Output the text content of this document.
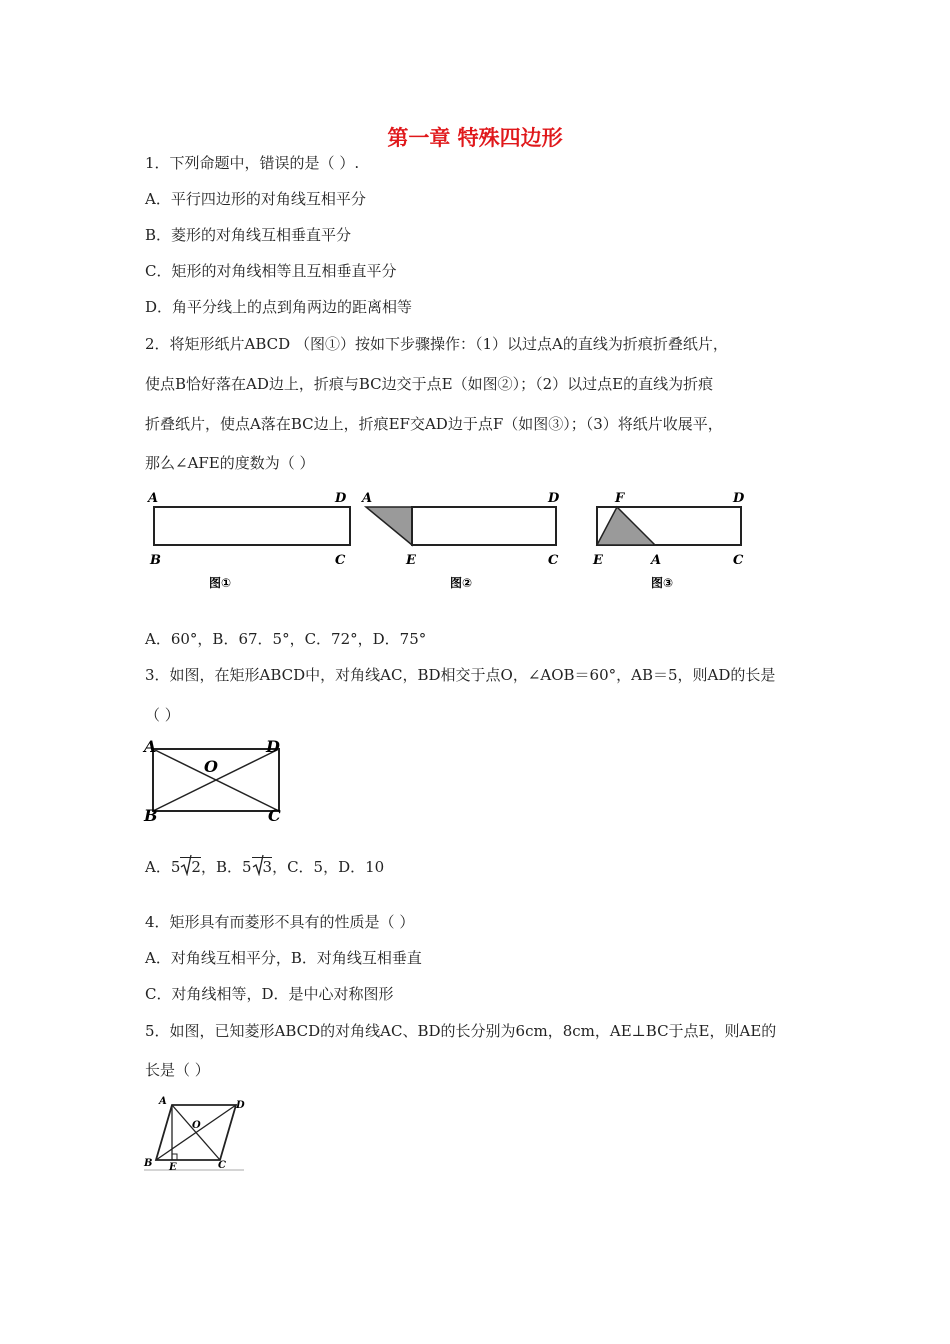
第一章 特殊四边形
1．下列命题中，错误的是（ ）.
A．平行四边形的对角线互相平分
B．菱形的对角线互相垂直平分
C．矩形的对角线相等且互相垂直平分
D．角平分线上的点到角两边的距离相等
2．将矩形纸片ABCD （图①）按如下步骤操作：（1）以过点A的直线为折痕折叠纸片，
使点B恰好落在AD边上，折痕与BC边交于点E（如图②）；（2）以过点E的直线为折痕
折叠纸片，使点A落在BC边上，折痕EF交AD边于点F（如图③）；（3）将纸片收展平，
那么∠AFE的度数为（ ）
A	D
B	C
图①
A	D
E	C
图②
F	D
E	A	C
图③
A．60°，B．67．5°，C．72°，D．75°
3．如图，在矩形ABCD中，对角线AC，BD相交于点O，∠AOB＝60°，AB＝5，则AD的长是
（ ）
A	D
O
B	C
A．5 2，B．5 3，C．5，D．10
4．矩形具有而菱形不具有的性质是（ ）
A．对角线互相平分，B．对角线互相垂直
C．对角线相等，D．是中心对称图形
5．如图，已知菱形ABCD的对角线AC、BD的长分别为6cm，8cm，AE⊥BC于点E，则AE的
长是（ ）
A	D
O
B E	C
